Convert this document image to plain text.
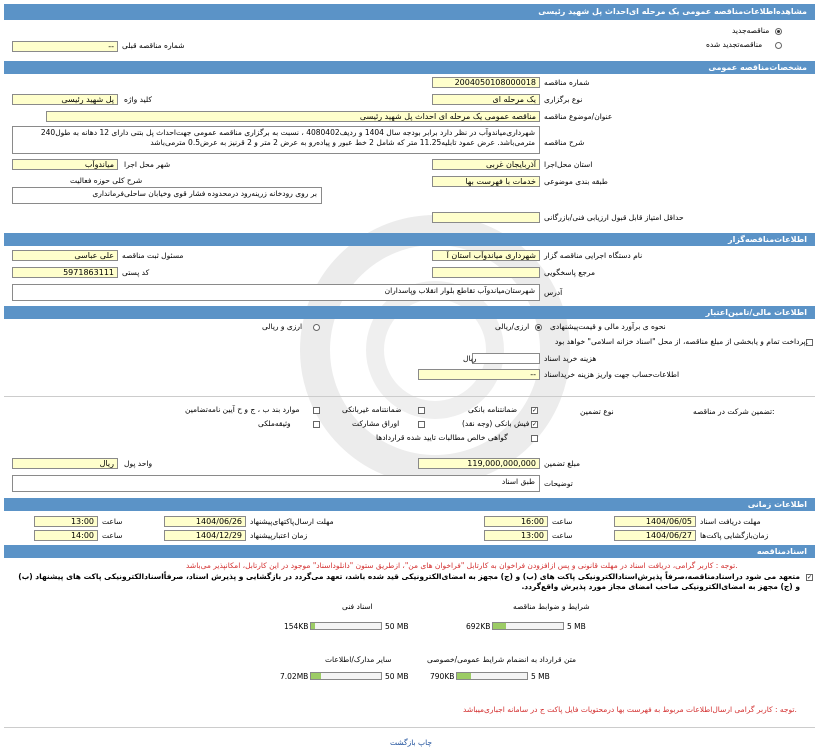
مشاهده‌اطلاعات‌مناقصه عمومی یک مرحله ای‌احداث پل شهید رئیسی
مناقصه‌جدید
مناقصه‌تجدید شده
--	شماره مناقصه قبلی
مشخصات‌مناقصه عمومی
2004050108000018	شماره مناقصه
یک مرحله ای	نوع برگزاری
پل شهید رئیسی	کلید واژه
مناقصه عمومی یک مرحله ای احداث پل شهید رئیسی	عنوان/موضوع مناقصه
شهرداری‌میاندوآب در نظر دارد برابر بودجه سال 1404 و ردیف4080402 ، نسبت به برگزاری مناقصه عمومی جهت‌احداث پل بتنی دارای 12 دهانه به طول240 مترمی‌باشد. عرض عمود تابلیه11.25 متر که شامل 2 خط عبور و پیاده‌رو به عرض 2 متر و 2 قرنیز به عرض0.5 مترمی‌باشد	شرح مناقصه
آذربایجان غربی	استان محل‌اجرا
میاندوآب	شهر محل اجرا
خدمات با فهرست بها	طبقه بندی موضوعی
شرح کلی حوزه فعالیت
بر روی رودخانه زرینه‌رود درمحدوده فشار قوی وخیابان ساحلی‌فرمانداری
حداقل امتیاز قابل قبول ارزیابی فنی/بازرگانی
اطلاعات‌مناقصه‌گزار
شهرداری میاندوآب استان آ	نام دستگاه اجرایی مناقصه گزار
علی عباسی	مسئول ثبت مناقصه
مرجع پاسخگویی
5971863111	کد پستی
شهرستان‌میاندوآب تقاطع بلوار انقلاب وپاسداران	آدرس
اطلاعات مالی/تامین‌اعتبار
نحوه ی برآورد مالی و قیمت‌پیشنهادی
ارزی/ریالی
ارزی و ریالی
پرداخت تمام و یابخشی از مبلغ مناقصه، از محل "اسناد خزانه اسلامی" خواهد بود.
ریال	هزینه خرید اسناد
--	اطلاعات‌حساب جهت واریز هزینه خریداسناد
تضمین شرکت در مناقصه:
نوع تضمین
✓
ضمانتنامه بانکی
ضمانتنامه غیربانکی
موارد بند ب ، ج و ح آیین نامه‌تضامین
✓
فیش بانکی (وجه نقد)
اوراق مشارکت
وثیقه‌ملکی
گواهی خالص مطالبات تایید شده قراردادها
119,000,000,000	مبلغ تضمین
ریال	واحد پول
طبق اسناد	توضیحات
اطلاعات زمانی
1404/06/05	مهلت دریافت اسناد
16:00	ساعت
1404/06/26	مهلت ارسال‌پاکتهای‌پیشنهاد
13:00	ساعت
1404/06/27	زمان‌بازگشایی پاکت‌ها
13:00	ساعت
1404/12/29	زمان اعتبارپیشنهاد
14:00	ساعت
اسنادمناقصه
توجه : کاربر گرامی، دریافت اسناد در مهلت قانونی و پس ازافزودن فراخوان به کارتابل "فراخوان های من"، ازطریق ستون "دانلوداسناد" موجود در این کارتابل، امکانپذیر می‌باشد.
✓
متعهد می شود دراسنادمناقصه،صرفاً پذیرش‌اسنادالکترونیکی پاکت های (ب) و (ج) مجهز به امضای‌الکترونیکی قید شده باشد، تعهد می‌گردد در بازگشایی و پذیرش اسناد، صرفاًاسنادالکترونیکی پاکت های پیشنهاد (ب) و (ج) مجهز به امضای‌الکترونیکی صاحب امضای مجاز مورد پذیرش واقع‌گردد.
شرایط و ضوابط مناقصه
692KB	5 MB
اسناد فنی
154KB	50 MB
متن قرارداد به انضمام شرایط عمومی/خصوصی
790KB	5 MB
سایر مدارک/اطلاعات
7.02MB	50 MB
توجه : کاربر گرامی ارسال‌اطلاعات مربوط به فهرست بها درمحتویات فایل پاکت ج در سامانه اجباری‌میباشد.
چاپ بازگشت
